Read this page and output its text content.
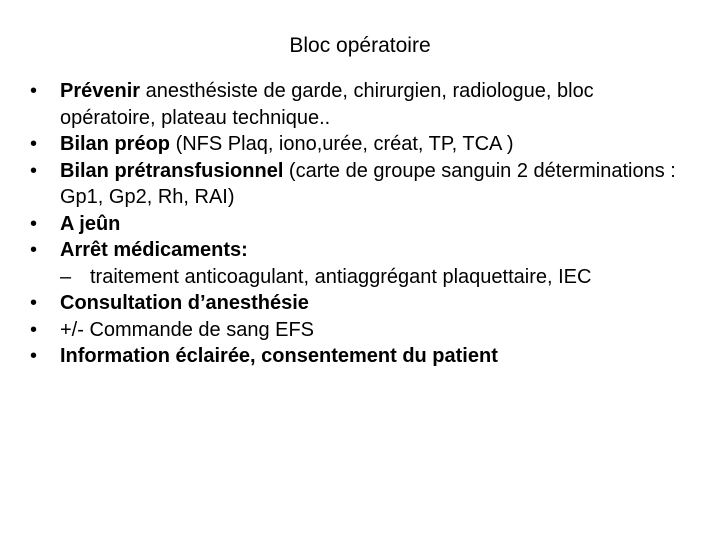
Bloc opératoire
•	Prévenir anesthésiste de garde, chirurgien, radiologue, bloc opératoire, plateau technique..
•	Bilan préop (NFS Plaq, iono,urée, créat, TP, TCA )
•	Bilan prétransfusionnel (carte de groupe sanguin 2 déterminations : Gp1, Gp2, Rh, RAI)
•	A jeûn
•	Arrêt médicaments:
– traitement anticoagulant, antiaggrégant plaquettaire, IEC
•	Consultation d’anesthésie
•	+/- Commande de sang EFS
•	Information éclairée, consentement du patient
